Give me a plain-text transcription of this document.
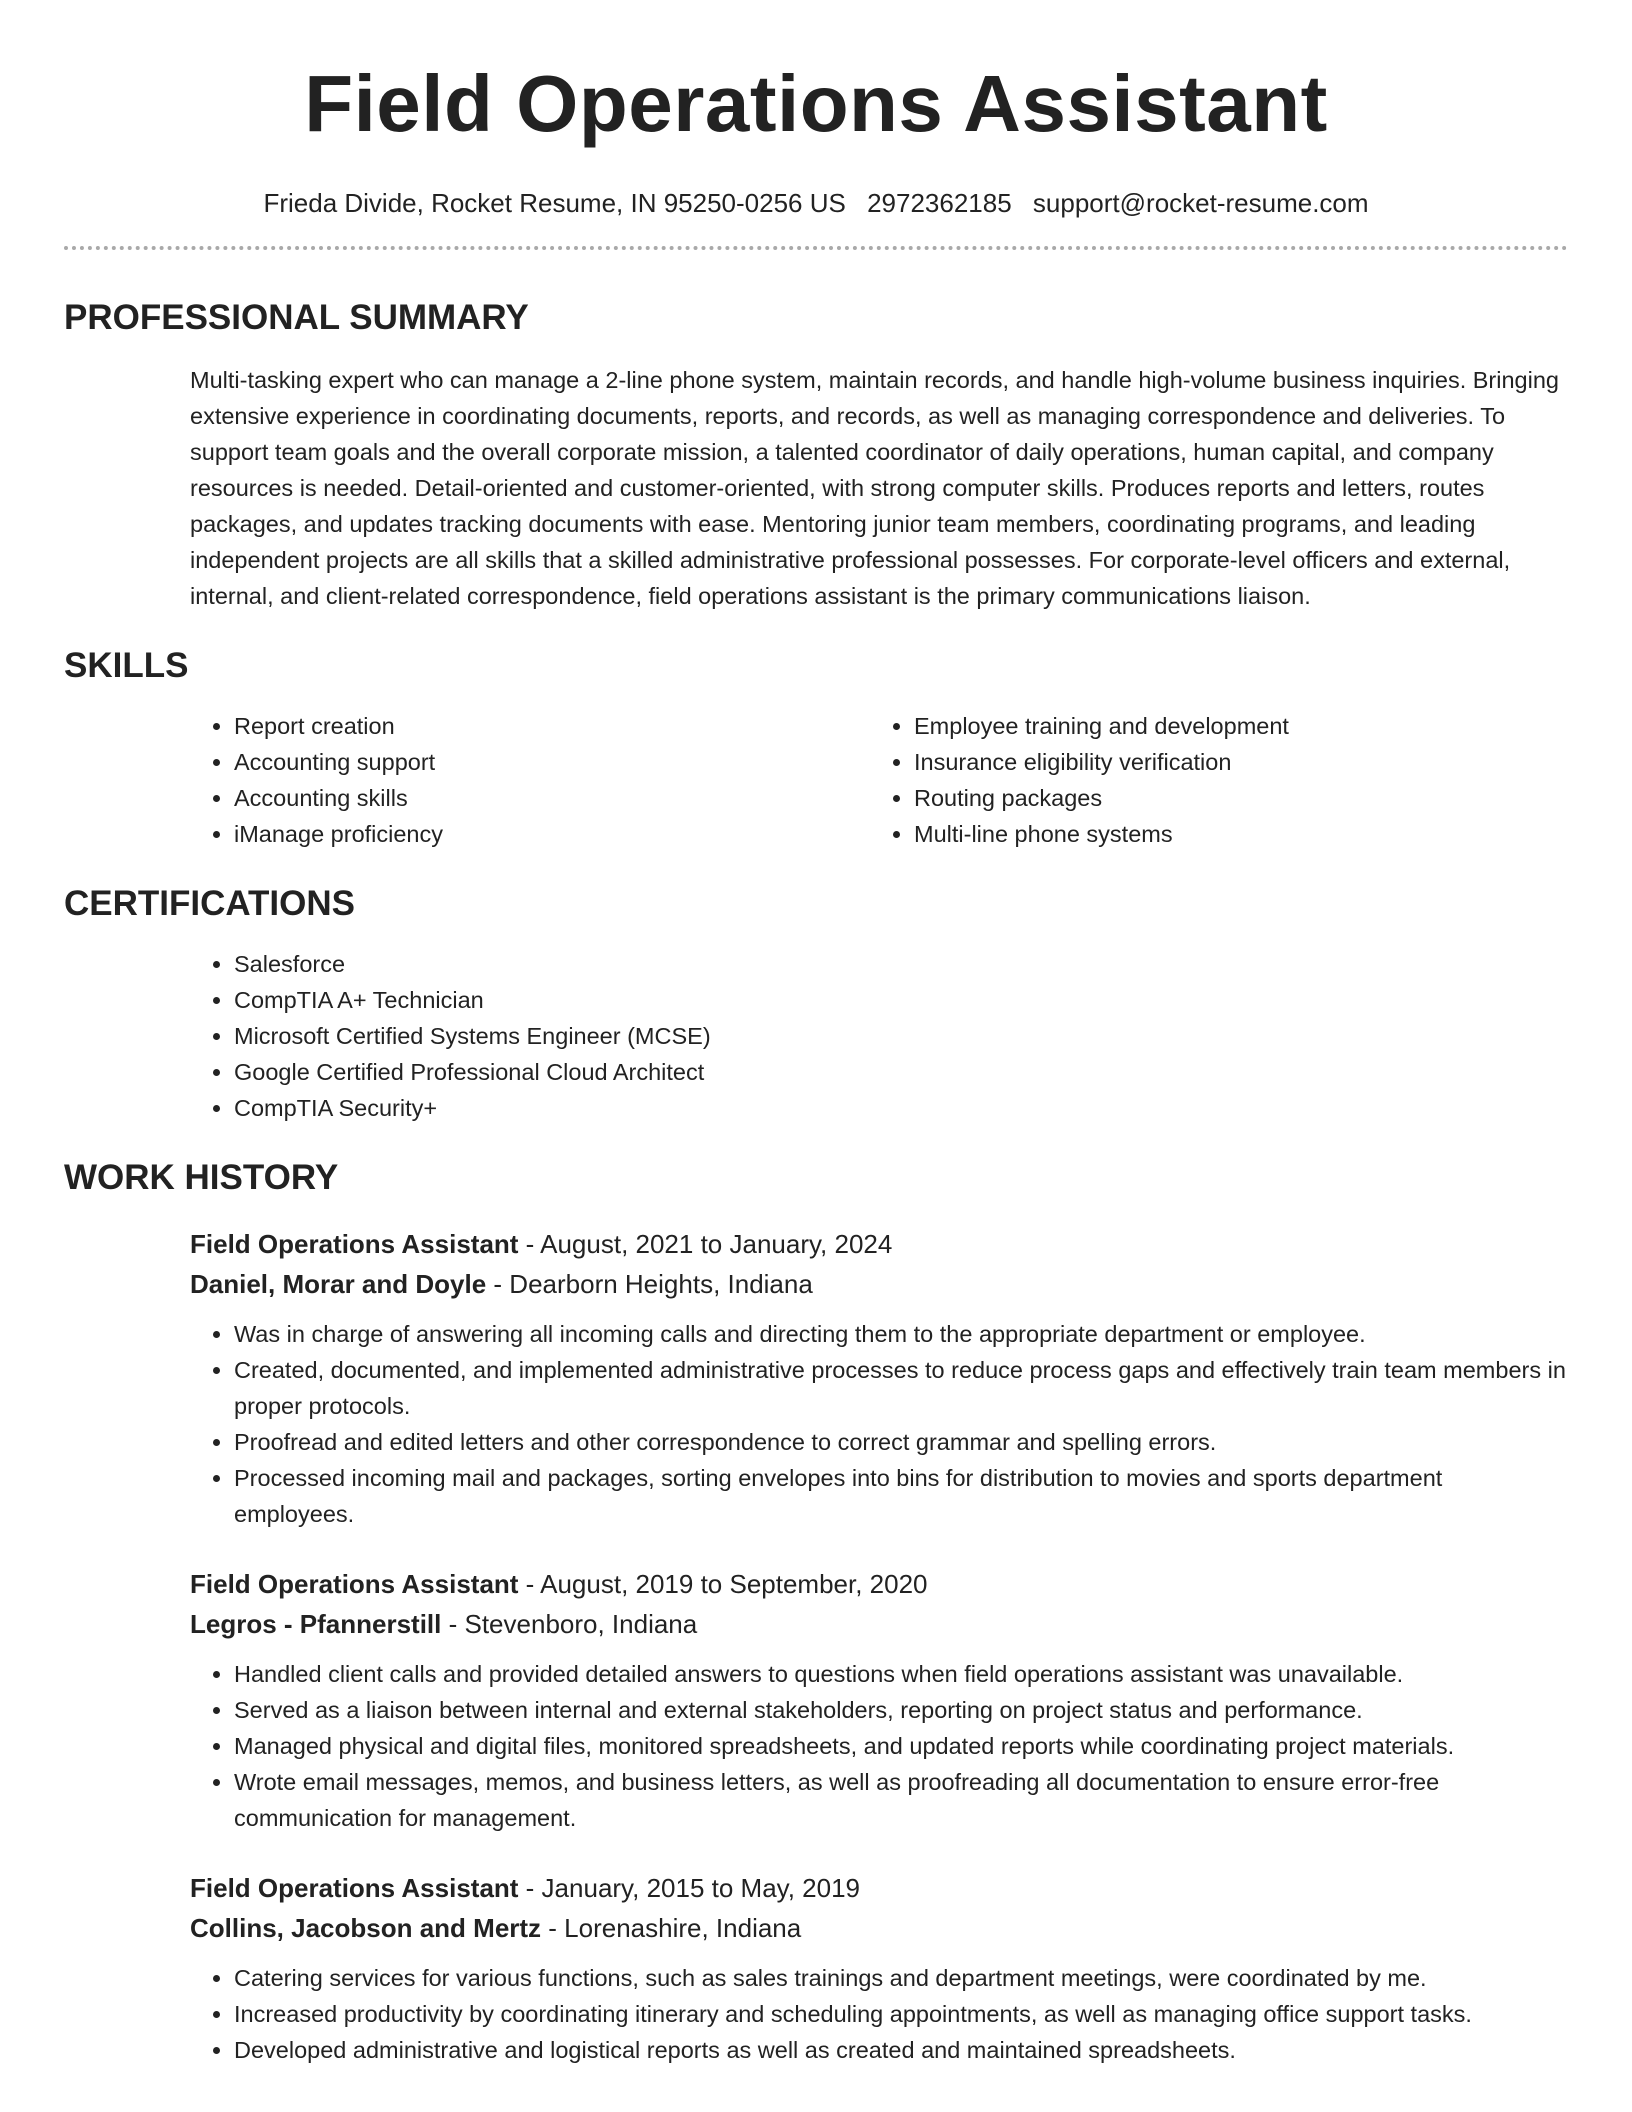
Field Operations Assistant
Frieda Divide, Rocket Resume, IN 95250-0256 US 2972362185 support@rocket-resume.com
PROFESSIONAL SUMMARY

Multi-tasking expert who can manage a 2-line phone system, maintain records, and handle high-volume business inquiries. Bringing extensive experience in coordinating documents, reports, and records, as well as managing correspondence and deliveries. To support team goals and the overall corporate mission, a talented coordinator of daily operations, human capital, and company resources is needed. Detail-oriented and customer-oriented, with strong computer skills. Produces reports and letters, routes packages, and updates tracking documents with ease. Mentoring junior team members, coordinating programs, and leading independent projects are all skills that a skilled administrative professional possesses. For corporate-level officers and external, internal, and client-related correspondence, field operations assistant is the primary communications liaison.

SKILLS
• Report creation
• Accounting support
• Accounting skills
• iManage proficiency
• Employee training and development
• Insurance eligibility verification
• Routing packages
• Multi-line phone systems
CERTIFICATIONS
• Salesforce
• CompTIA A+ Technician
• Microsoft Certified Systems Engineer (MCSE)
• Google Certified Professional Cloud Architect
• CompTIA Security+
WORK HISTORY
Field Operations Assistant - August, 2021 to January, 2024
Daniel, Morar and Doyle - Dearborn Heights, Indiana
• Was in charge of answering all incoming calls and directing them to the appropriate department or employee.
• Created, documented, and implemented administrative processes to reduce process gaps and effectively train team members in proper protocols.
• Proofread and edited letters and other correspondence to correct grammar and spelling errors.
• Processed incoming mail and packages, sorting envelopes into bins for distribution to movies and sports department employees.
Field Operations Assistant - August, 2019 to September, 2020
Legros - Pfannerstill - Stevenboro, Indiana
• Handled client calls and provided detailed answers to questions when field operations assistant was unavailable.
• Served as a liaison between internal and external stakeholders, reporting on project status and performance.
• Managed physical and digital files, monitored spreadsheets, and updated reports while coordinating project materials.
• Wrote email messages, memos, and business letters, as well as proofreading all documentation to ensure error-free communication for management.
Field Operations Assistant - January, 2015 to May, 2019
Collins, Jacobson and Mertz - Lorenashire, Indiana
• Catering services for various functions, such as sales trainings and department meetings, were coordinated by me.
• Increased productivity by coordinating itinerary and scheduling appointments, as well as managing office support tasks.
• Developed administrative and logistical reports as well as created and maintained spreadsheets.
